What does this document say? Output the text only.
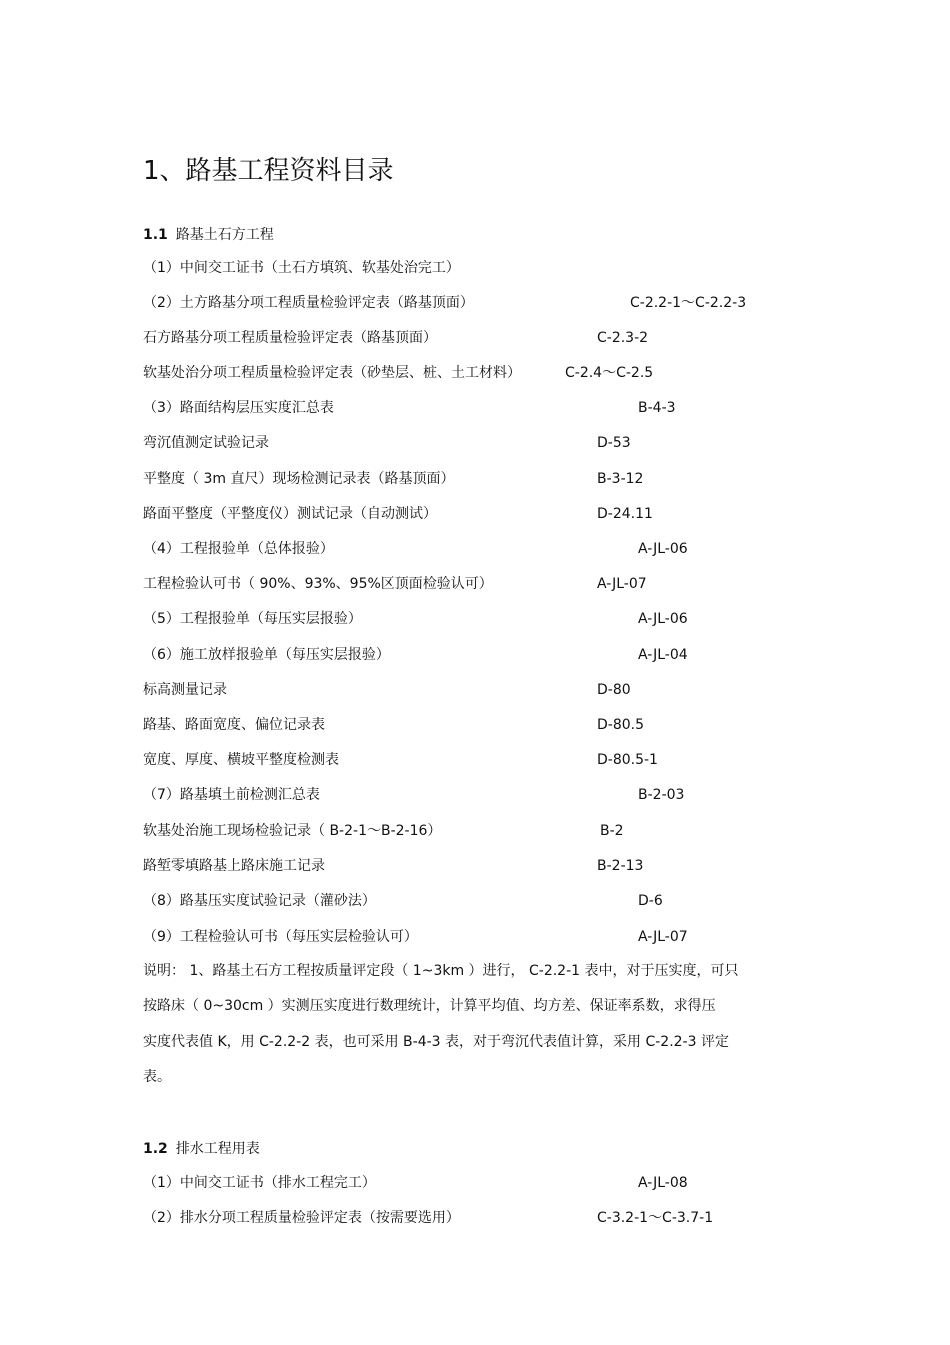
1、路基工程资料目录
1.1 路基土石方工程
（1）中间交工证书（土石方填筑、软基处治完工）
（2）土方路基分项工程质量检验评定表（路基顶面）	C-2.2-1～C-2.2-3
石方路基分项工程质量检验评定表（路基顶面）	C-2.3-2
软基处治分项工程质量检验评定表（砂垫层、桩、土工材料）	C-2.4～C-2.5
（3）路面结构层压实度汇总表	B-4-3
弯沉值测定试验记录	D-53
平整度（ 3m 直尺）现场检测记录表（路基顶面）	B-3-12
路面平整度（平整度仪）测试记录（自动测试）	D-24.11
（4）工程报验单（总体报验）	A-JL-06
工程检验认可书（ 90%、93%、95%区顶面检验认可）	A-JL-07
（5）工程报验单（每压实层报验）	A-JL-06
（6）施工放样报验单（每压实层报验）	A-JL-04
标高测量记录	D-80
路基、路面宽度、偏位记录表	D-80.5
宽度、厚度、横坡平整度检测表	D-80.5-1
（7）路基填土前检测汇总表	B-2-03
软基处治施工现场检验记录（ B-2-1～B-2-16）	B-2
路堑零填路基上路床施工记录	B-2-13
（8）路基压实度试验记录（灌砂法）	D-6
（9）工程检验认可书（每压实层检验认可）	A-JL-07
说明： 1、路基土石方工程按质量评定段（ 1~3km ）进行， C-2.2-1 表中，对于压实度，可只
按路床（ 0~30cm ）实测压实度进行数理统计，计算平均值、均方差、保证率系数，求得压
实度代表值 K，用 C-2.2-2 表，也可采用 B-4-3 表，对于弯沉代表值计算，采用 C-2.2-3 评定
表。
1.2 排水工程用表
（1）中间交工证书（排水工程完工）	A-JL-08
（2）排水分项工程质量检验评定表（按需要选用）	C-3.2-1～C-3.7-1
